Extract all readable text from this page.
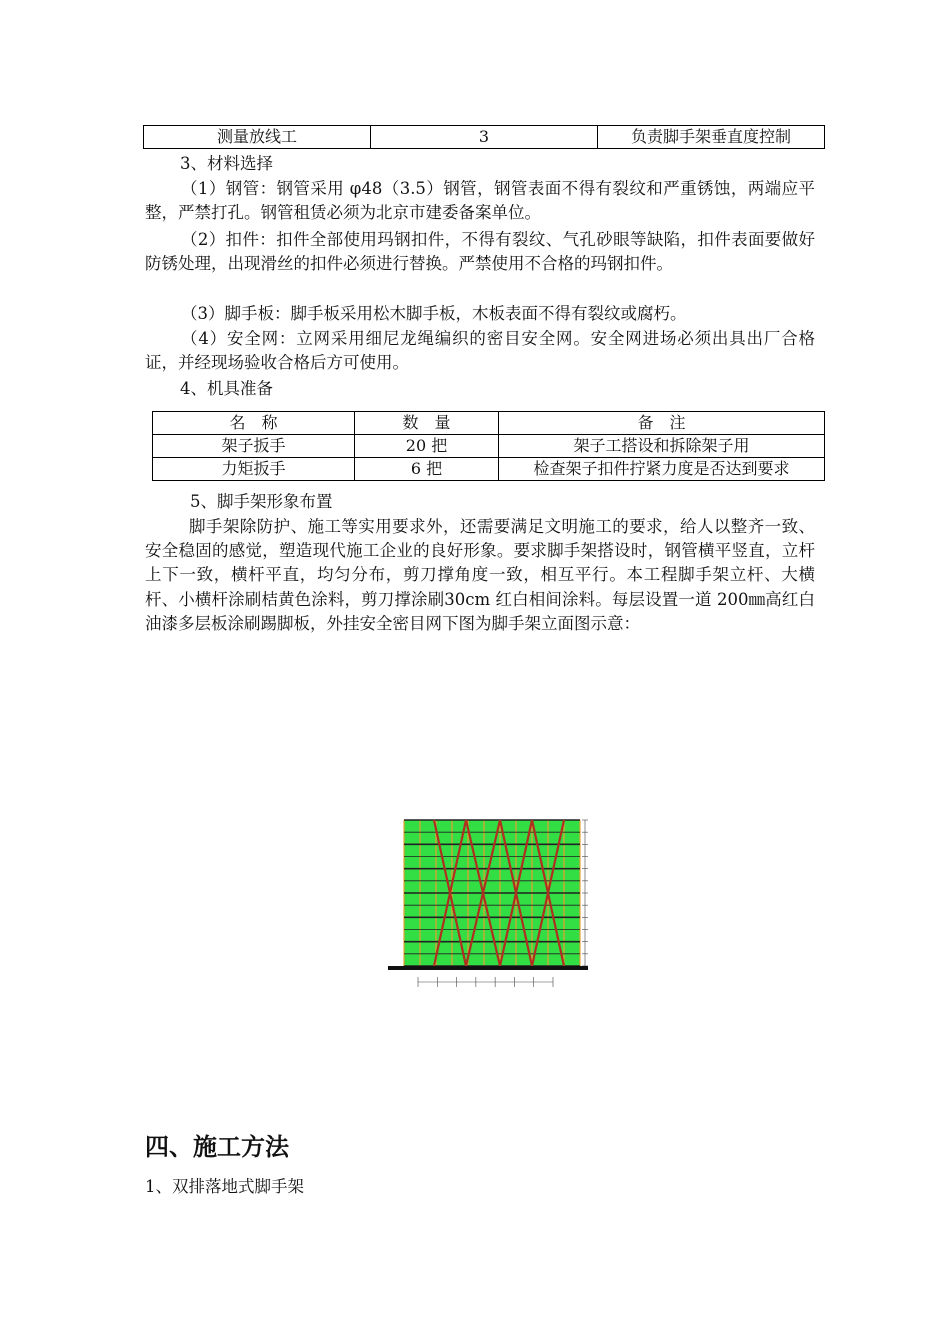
测量放线工	3	负责脚手架垂直度控制

3、材料选择

（1）钢管：钢管采用 φ48（3.5）钢管，钢管表面不得有裂纹和严重锈蚀，两端应平整，严禁打孔。钢管租赁必须为北京市建委备案单位。

（2）扣件：扣件全部使用玛钢扣件，不得有裂纹、气孔砂眼等缺陷，扣件表面要做好防锈处理，出现滑丝的扣件必须进行替换。严禁使用不合格的玛钢扣件。

（3）脚手板：脚手板采用松木脚手板，木板表面不得有裂纹或腐朽。

（4）安全网：立网采用细尼龙绳编织的密目安全网。安全网进场必须出具出厂合格证，并经现场验收合格后方可使用。

4、机具准备

名　称	数　量	备　注
架子扳手	20 把	架子工搭设和拆除架子用
力矩扳手	6 把	检查架子扣件拧紧力度是否达到要求

5、脚手架形象布置

脚手架除防护、施工等实用要求外，还需要满足文明施工的要求，给人以整齐一致、安全稳固的感觉，塑造现代施工企业的良好形象。要求脚手架搭设时，钢管横平竖直，立杆上下一致，横杆平直，均匀分布，剪刀撑角度一致，相互平行。本工程脚手架立杆、大横杆、小横杆涂刷桔黄色涂料，剪刀撑涂刷30cm 红白相间涂料。每层设置一道 200㎜高红白油漆多层板涂刷踢脚板，外挂安全密目网下图为脚手架立面图示意：

四、施工方法

1、双排落地式脚手架
